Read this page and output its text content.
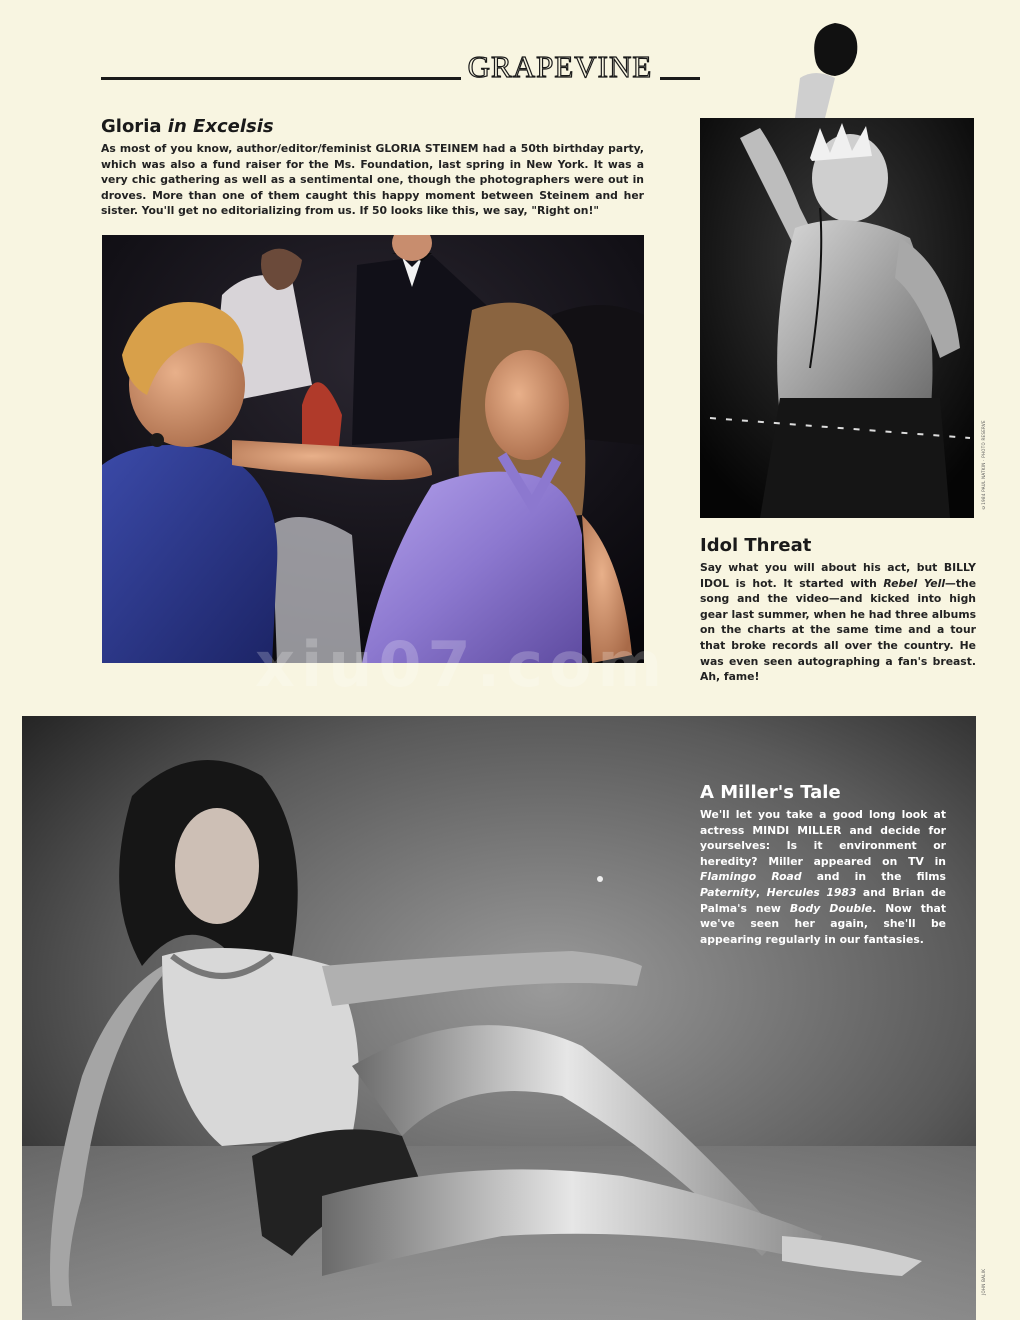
GRAPEVINE
Gloria in Excelsis

As most of you know, author/editor/feminist GLORIA STEINEM had a 50th birthday party, which was also a fund raiser for the Ms. Foundation, last spring in New York. It was a very chic gathering as well as a sentimental one, though the photographers were out in droves. More than one of them caught this happy moment between Steinem and her sister. You'll get no editorializing from us. If 50 looks like this, we say, "Right on!"

©1984 PAUL NATKIN · PHOTO RESERVE
Idol Threat

Say what you will about his act, but BILLY IDOL is hot. It started with Rebel Yell—the song and the video—and kicked into high gear last summer, when he had three albums on the charts at the same time and a tour that broke records all over the country. He was even seen autographing a fan's breast. Ah, fame!

JOHN BALIK
A Miller's Tale

We'll let you take a good long look at actress MINDI MILLER and decide for yourselves: Is it environment or heredity? Miller appeared on TV in Flamingo Road and in the films Paternity, Hercules 1983 and Brian de Palma's new Body Double. Now that we've seen her again, she'll be appearing regularly in our fantasies.

xiu07.com
